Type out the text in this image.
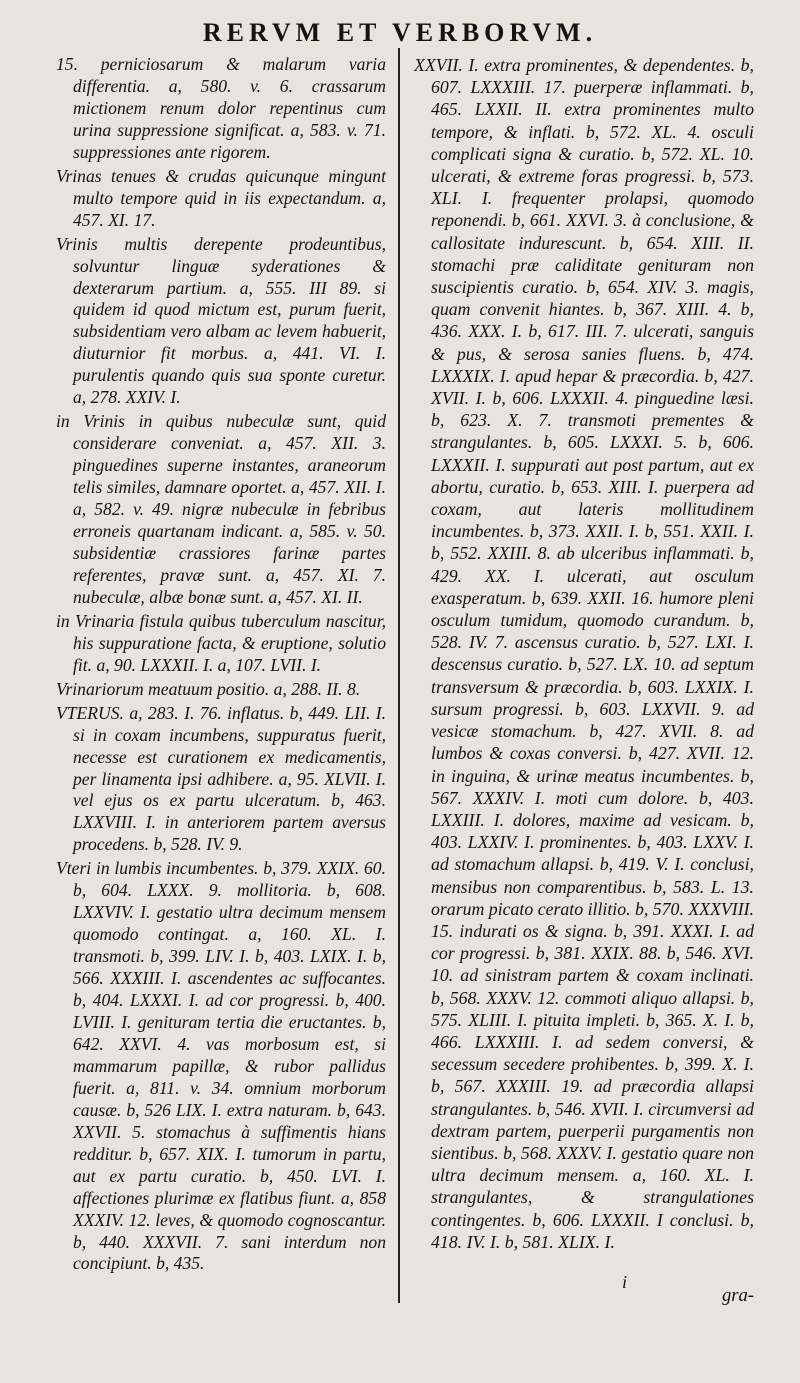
RERVM ET VERBORVM.

15. perniciosarum & malarum varia differentia. a, 580. v. 6. crassarum mictionem renum dolor repentinus cum urina suppressione significat. a, 583. v. 71. suppressiones ante rigorem.

Vrinas tenues & crudas quicunque mingunt multo tempore quid in iis expectandum. a, 457. XI. 17.

Vrinis multis derepente prodeuntibus, solvuntur linguæ syderationes & dexterarum partium. a, 555. III 89. si quidem id quod mictum est, purum fuerit, subsidentiam vero albam ac levem habuerit, diuturnior fit morbus. a, 441. VI. I. purulentis quando quis sua sponte curetur. a, 278. XXIV. I.

in Vrinis in quibus nubeculæ sunt, quid considerare conveniat. a, 457. XII. 3. pinguedines superne instantes, araneorum telis similes, damnare oportet. a, 457. XII. I. a, 582. v. 49. nigræ nubeculæ in febribus erroneis quartanam indicant. a, 585. v. 50. subsidentiæ crassiores farinæ partes referentes, pravæ sunt. a, 457. XI. 7. nubeculæ, albæ bonæ sunt. a, 457. XI. II.

in Vrinaria fistula quibus tuberculum nascitur, his suppuratione facta, & eruptione, solutio fit. a, 90. LXXXII. I. a, 107. LVII. I.

Vrinariorum meatuum positio. a, 288. II. 8.

VTERUS. a, 283. I. 76. inflatus. b, 449. LII. I. si in coxam incumbens, suppuratus fuerit, necesse est curationem ex medicamentis, per linamenta ipsi adhibere. a, 95. XLVII. I. vel ejus os ex partu ulceratum. b, 463. LXXVIII. I. in anteriorem partem aversus procedens. b, 528. IV. 9.

Vteri in lumbis incumbentes. b, 379. XXIX. 60. b, 604. LXXX. 9. mollitoria. b, 608. LXXVIV. I. gestatio ultra decimum mensem quomodo contingat. a, 160. XL. I. transmoti. b, 399. LIV. I. b, 403. LXIX. I. b, 566. XXXIII. I. ascendentes ac suffocantes. b, 404. LXXXI. I. ad cor progressi. b, 400. LVIII. I. genituram tertia die eructantes. b, 642. XXVI. 4. vas morbosum est, si mammarum papillæ, & rubor pallidus fuerit. a, 811. v. 34. omnium morborum causæ. b, 526 LIX. I. extra naturam. b, 643. XXVII. 5. stomachus à suffimentis hians redditur. b, 657. XIX. I. tumorum in partu, aut ex partu curatio. b, 450. LVI. I. affectiones plurimæ ex flatibus fiunt. a, 858 XXXIV. 12. leves, & quomodo cognoscantur. b, 440. XXXVII. 7. sani interdum non concipiunt. b, 435.

XXVII. I. extra prominentes, & dependentes. b, 607. LXXXIII. 17. puerperæ inflammati. b, 465. LXXII. II. extra prominentes multo tempore, & inflati. b, 572. XL. 4. osculi complicati signa & curatio. b, 572. XL. 10. ulcerati, & extreme foras progressi. b, 573. XLI. I. frequenter prolapsi, quomodo reponendi. b, 661. XXVI. 3. à conclusione, & callositate indurescunt. b, 654. XIII. II. stomachi præ caliditate genituram non suscipientis curatio. b, 654. XIV. 3. magis, quam convenit hiantes. b, 367. XIII. 4. b, 436. XXX. I. b, 617. III. 7. ulcerati, sanguis & pus, & serosa sanies fluens. b, 474. LXXXIX. I. apud hepar & præcordia. b, 427. XVII. I. b, 606. LXXXII. 4. pinguedine læsi. b, 623. X. 7. transmoti prementes & strangulantes. b, 605. LXXXI. 5. b, 606. LXXXII. I. suppurati aut post partum, aut ex abortu, curatio. b, 653. XIII. I. puerpera ad coxam, aut lateris mollitudinem incumbentes. b, 373. XXII. I. b, 551. XXII. I. b, 552. XXIII. 8. ab ulceribus inflammati. b, 429. XX. I. ulcerati, aut osculum exasperatum. b, 639. XXII. 16. humore pleni osculum tumidum, quomodo curandum. b, 528. IV. 7. ascensus curatio. b, 527. LXI. I. descensus curatio. b, 527. LX. 10. ad septum transversum & præcordia. b, 603. LXXIX. I. sursum progressi. b, 603. LXXVII. 9. ad vesicæ stomachum. b, 427. XVII. 8. ad lumbos & coxas conversi. b, 427. XVII. 12. in inguina, & urinæ meatus incumbentes. b, 567. XXXIV. I. moti cum dolore. b, 403. LXXIII. I. dolores, maxime ad vesicam. b, 403. LXXIV. I. prominentes. b, 403. LXXV. I. ad stomachum allapsi. b, 419. V. I. conclusi, mensibus non comparentibus. b, 583. L. 13. orarum picato cerato illitio. b, 570. XXXVIII. 15. indurati os & signa. b, 391. XXXI. I. ad cor progressi. b, 381. XXIX. 88. b, 546. XVI. 10. ad sinistram partem & coxam inclinati. b, 568. XXXV. 12. commoti aliquo allapsi. b, 575. XLIII. I. pituita impleti. b, 365. X. I. b, 466. LXXXIII. I. ad sedem conversi, & secessum secedere prohibentes. b, 399. X. I. b, 567. XXXIII. 19. ad præcordia allapsi strangulantes. b, 546. XVII. I. circumversi ad dextram partem, puerperii purgamentis non sientibus. b, 568. XXXV. I. gestatio quare non ultra decimum mensem. a, 160. XL. I. strangulantes, & strangulationes contingentes. b, 606. LXXXII. I conclusi. b, 418. IV. I. b, 581. XLIX. I.

i
gra-
